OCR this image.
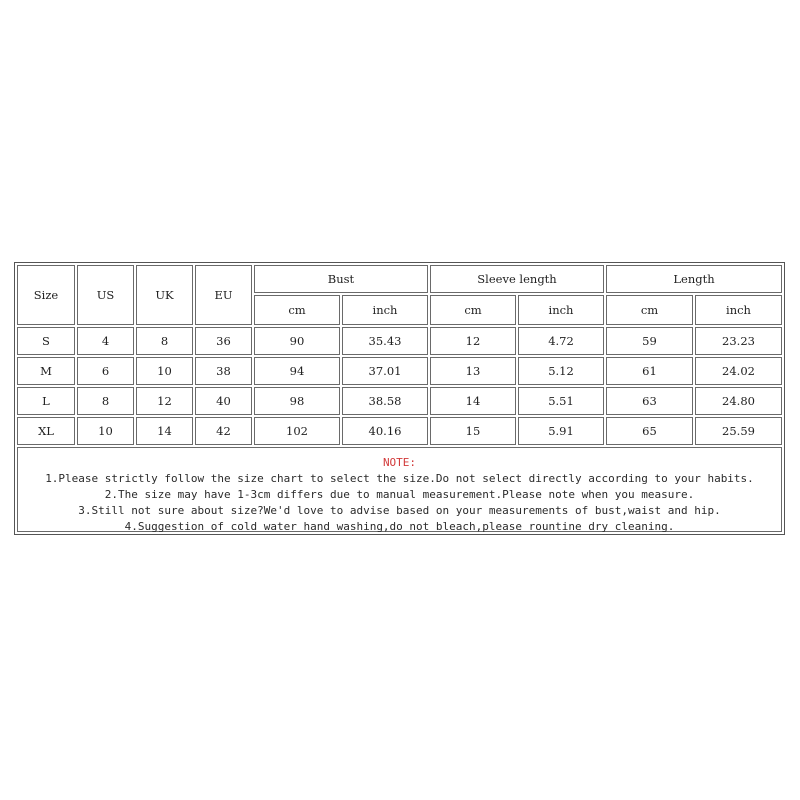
Size	US	UK	EU
Bust	Sleeve length	Length
cm	inch	cm	inch	cm	inch
S	4	8	36	90	35.43	12	4.72	59	23.23
M	6	10	38	94	37.01	13	5.12	61	24.02
L	8	12	40	98	38.58	14	5.51	63	24.80
XL	10	14	42	102	40.16	15	5.91	65	25.59
NOTE:
1.Please strictly follow the size chart to select the size.Do not select directly according to your habits.
2.The size may have 1-3cm differs due to manual measurement.Please note when you measure.
3.Still not sure about size?We'd love to advise based on your measurements of bust,waist and hip.
4.Suggestion of cold water hand washing,do not bleach,please rountine dry cleaning.
